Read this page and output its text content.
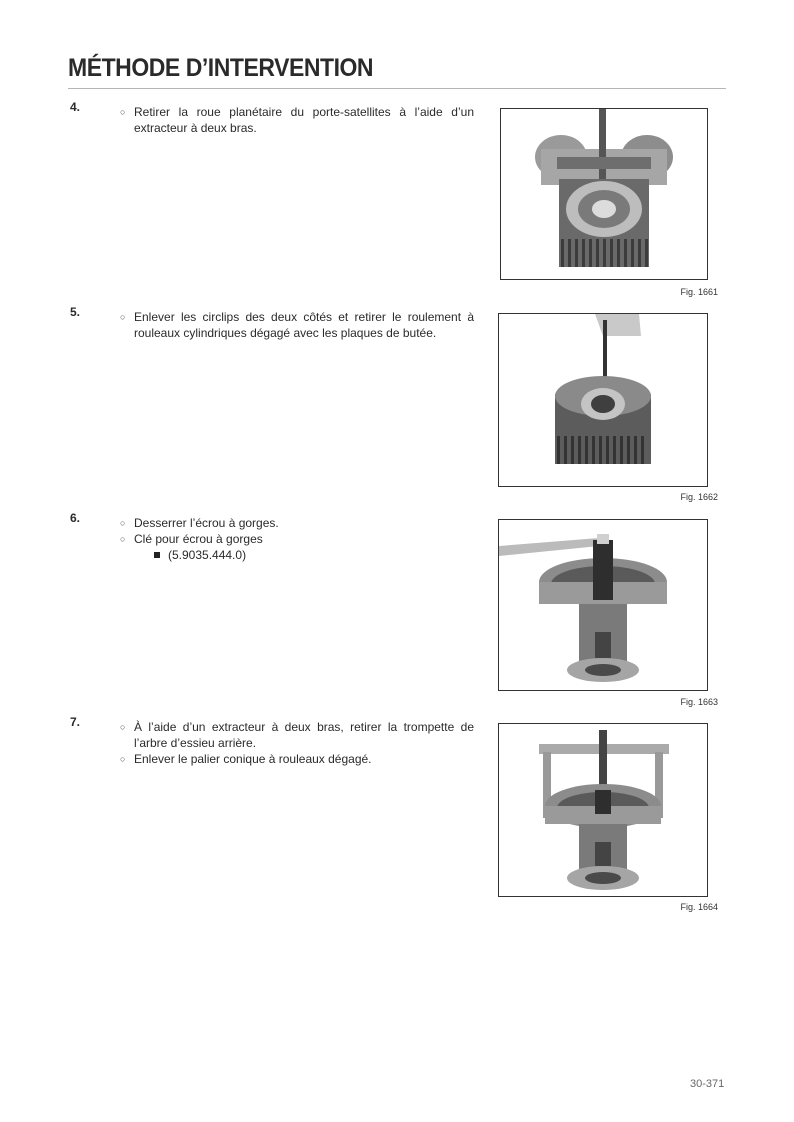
MÉTHODE D’INTERVENTION
4.	○ Retirer la roue planétaire du porte-satellites à l’aide d’un extracteur à deux bras.
Fig. 1661
5.	○ Enlever les circlips des deux côtés et retirer le roulement à rouleaux cylindriques dégagé avec les plaques de butée.
Fig. 1662
6.	○ Desserrer l’écrou à gorges.
○ Clé pour écrou à gorges
(5.9035.444.0)
Fig. 1663
7.	○ À l’aide d’un extracteur à deux bras, retirer la trompette de l’arbre d’essieu arrière.
○ Enlever le palier conique à rouleaux dégagé.
Fig. 1664
30-371
